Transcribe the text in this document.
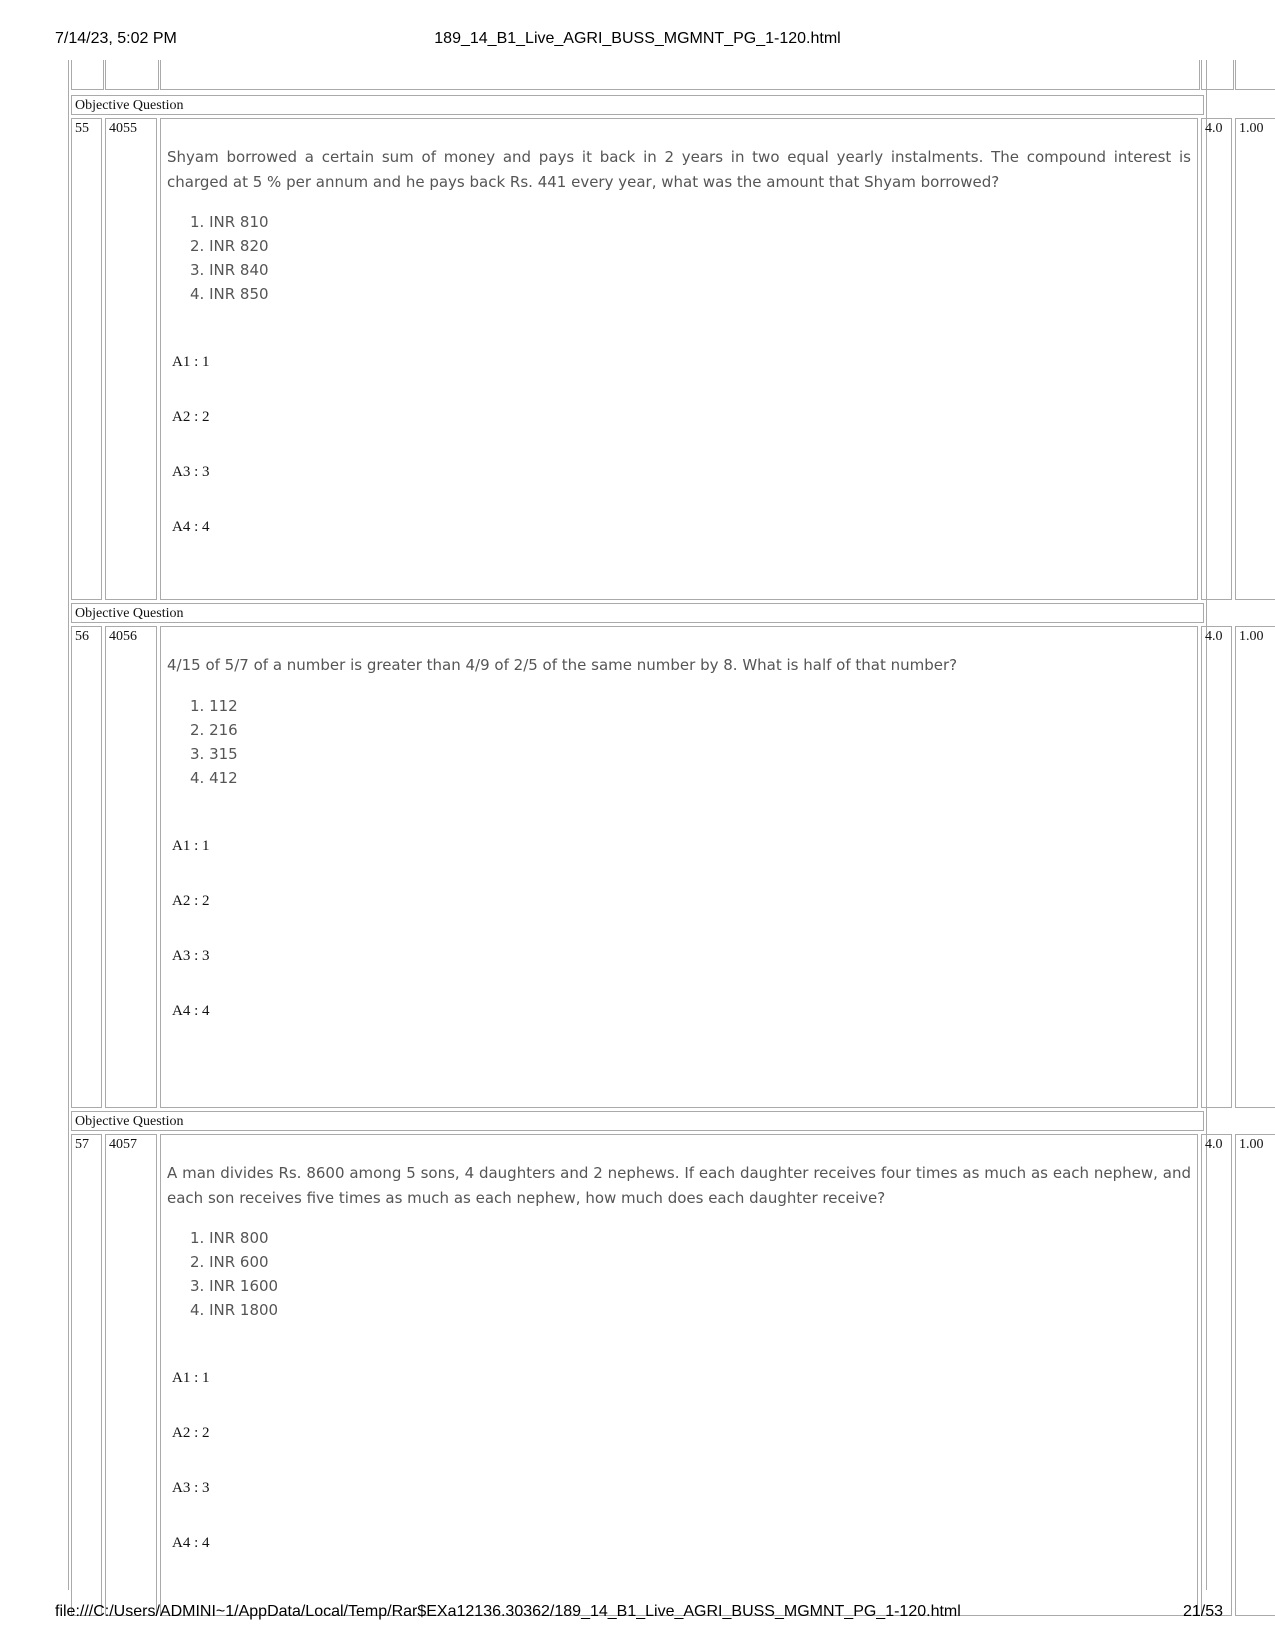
7/14/23, 5:02 PM	189_14_B1_Live_AGRI_BUSS_MGMNT_PG_1-120.html
Objective Question
55	4055
Shyam borrowed a certain sum of money and pays it back in 2 years in two equal yearly instalments. The compound interest is charged at 5 % per annum and he pays back Rs. 441 every year, what was the amount that Shyam borrowed?
1. INR 810
2. INR 820
3. INR 840
4. INR 850
A1 : 1
A2 : 2
A3 : 3
A4 : 4
4.0	1.00
Objective Question
56	4056
4/15 of 5/7 of a number is greater than 4/9 of 2/5 of the same number by 8. What is half of that number?
1. 112
2. 216
3. 315
4. 412
A1 : 1
A2 : 2
A3 : 3
A4 : 4
4.0	1.00
Objective Question
57	4057
A man divides Rs. 8600 among 5 sons, 4 daughters and 2 nephews. If each daughter receives four times as much as each nephew, and each son receives five times as much as each nephew, how much does each daughter receive?
1. INR 800
2. INR 600
3. INR 1600
4. INR 1800
A1 : 1
A2 : 2
A3 : 3
A4 : 4
4.0	1.00
file:///C:/Users/ADMINI~1/AppData/Local/Temp/Rar$EXa12136.30362/189_14_B1_Live_AGRI_BUSS_MGMNT_PG_1-120.html	21/53
